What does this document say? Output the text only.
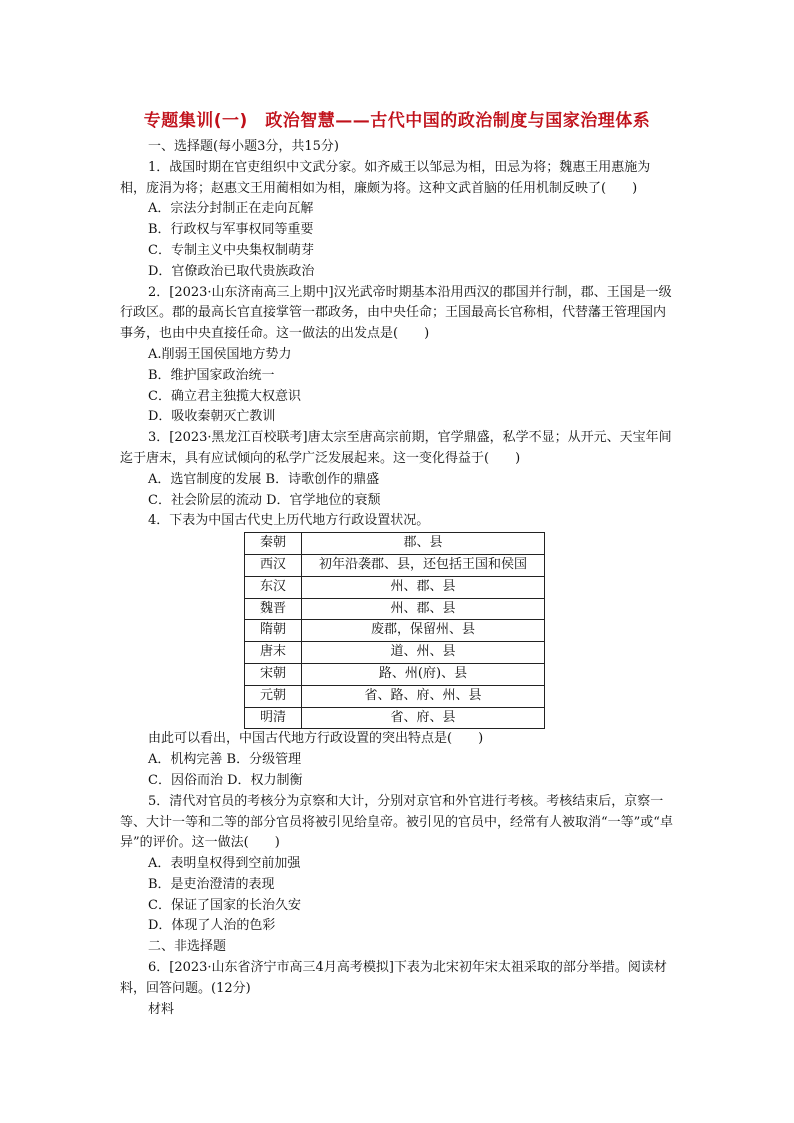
专题集训(一)　政治智慧——古代中国的政治制度与国家治理体系

一、选择题(每小题3分，共15分)

1．战国时期在官吏组织中文武分家。如齐威王以邹忌为相，田忌为将；魏惠王用惠施为相，庞涓为将；赵惠文王用蔺相如为相，廉颇为将。这种文武首脑的任用机制反映了(　　)

A．宗法分封制正在走向瓦解

B．行政权与军事权同等重要

C．专制主义中央集权制萌芽

D．官僚政治已取代贵族政治

2．[2023·山东济南高三上期中]汉光武帝时期基本沿用西汉的郡国并行制，郡、王国是一级行政区。郡的最高长官直接掌管一郡政务，由中央任命；王国最高长官称相，代替藩王管理国内事务，也由中央直接任命。这一做法的出发点是(　　)

A.削弱王国侯国地方势力

B．维护国家政治统一

C．确立君主独揽大权意识

D．吸收秦朝灭亡教训

3．[2023·黑龙江百校联考]唐太宗至唐高宗前期，官学鼎盛，私学不显；从开元、天宝年间迄于唐末，具有应试倾向的私学广泛发展起来。这一变化得益于(　　)

A．选官制度的发展 B．诗歌创作的鼎盛

C．社会阶层的流动 D．官学地位的衰颓

4．下表为中国古代史上历代地方行政设置状况。

秦朝	郡、县
西汉	初年沿袭郡、县，还包括王国和侯国
东汉	州、郡、县
魏晋	州、郡、县
隋朝	废郡，保留州、县
唐末	道、州、县
宋朝	路、州(府)、县
元朝	省、路、府、州、县
明清	省、府、县

由此可以看出，中国古代地方行政设置的突出特点是(　　)

A．机构完善 B．分级管理

C．因俗而治 D．权力制衡

5．清代对官员的考核分为京察和大计，分别对京官和外官进行考核。考核结束后，京察一等、大计一等和二等的部分官员将被引见给皇帝。被引见的官员中，经常有人被取消“一等”或“卓异”的评价。这一做法(　　)

A．表明皇权得到空前加强

B．是吏治澄清的表现

C．保证了国家的长治久安

D．体现了人治的色彩

二、非选择题

6．[2023·山东省济宁市高三4月高考模拟]下表为北宋初年宋太祖采取的部分举措。阅读材料，回答问题。(12分)

材料
